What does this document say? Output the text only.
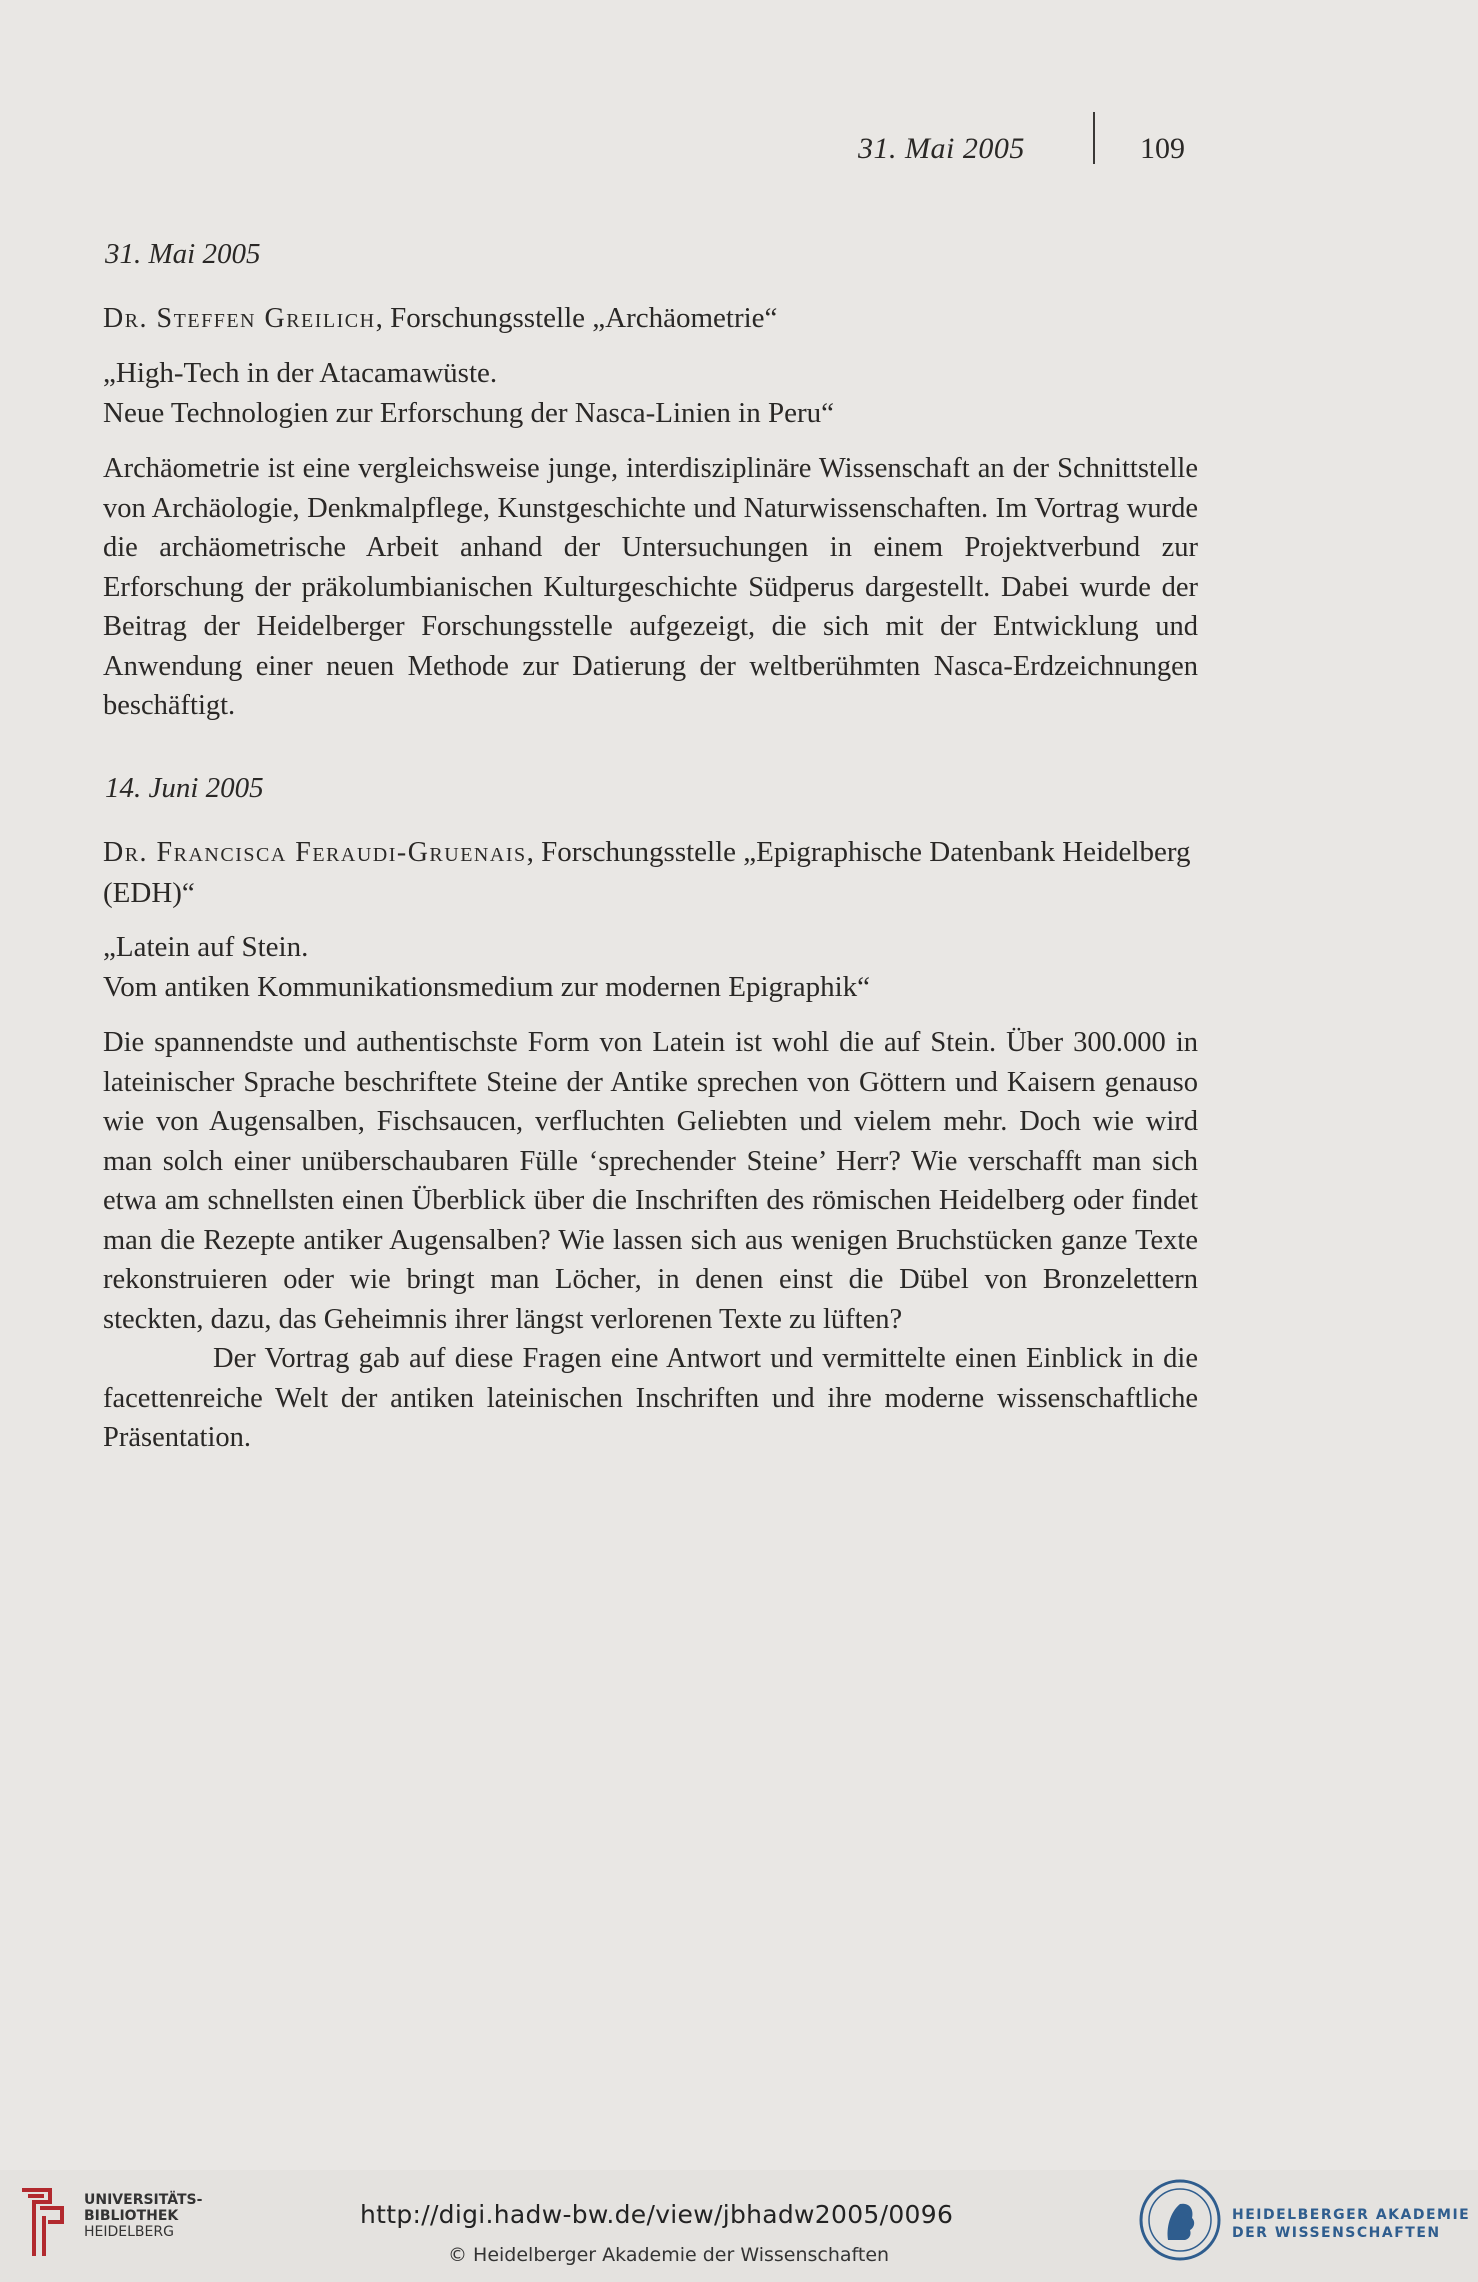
31. Mai 2005	109
31. Mai 2005
Dr. Steffen Greilich, Forschungsstelle „Archäometrie“
„High-Tech in der Atacamawüste.
Neue Technologien zur Erforschung der Nasca-Linien in Peru“

Archäometrie ist eine vergleichsweise junge, interdisziplinäre Wissenschaft an der Schnittstelle von Archäologie, Denkmalpflege, Kunstgeschichte und Naturwissenschaften. Im Vortrag wurde die archäometrische Arbeit anhand der Untersuchungen in einem Projektverbund zur Erforschung der präkolumbianischen Kulturgeschichte Südperus dargestellt. Dabei wurde der Beitrag der Heidelberger Forschungsstelle aufgezeigt, die sich mit der Entwicklung und Anwendung einer neuen Methode zur Datierung der weltberühmten Nasca-Erdzeichnungen beschäftigt.

14. Juni 2005
Dr. Francisca Feraudi-Gruenais, Forschungsstelle „Epigraphische Datenbank Heidelberg (EDH)“
„Latein auf Stein.
Vom antiken Kommunikationsmedium zur modernen Epigraphik“

Die spannendste und authentischste Form von Latein ist wohl die auf Stein. Über 300.000 in lateinischer Sprache beschriftete Steine der Antike sprechen von Göttern und Kaisern genauso wie von Augensalben, Fischsaucen, verfluchten Geliebten und vielem mehr. Doch wie wird man solch einer unüberschaubaren Fülle ‘sprechender Steine’ Herr? Wie verschafft man sich etwa am schnellsten einen Überblick über die Inschriften des römischen Heidelberg oder findet man die Rezepte antiker Augensalben? Wie lassen sich aus wenigen Bruchstücken ganze Texte rekonstruieren oder wie bringt man Löcher, in denen einst die Dübel von Bronzelettern steckten, dazu, das Geheimnis ihrer längst verlorenen Texte zu lüften?

Der Vortrag gab auf diese Fragen eine Antwort und vermittelte einen Einblick in die facettenreiche Welt der antiken lateinischen Inschriften und ihre moderne wissenschaftliche Präsentation.

UNIVERSITÄTS-
BIBLIOTHEK
HEIDELBERG
http://digi.hadw-bw.de/view/jbhadw2005/0096
© Heidelberger Akademie der Wissenschaften
HEIDELBERGER AKADEMIE
DER WISSENSCHAFTEN
